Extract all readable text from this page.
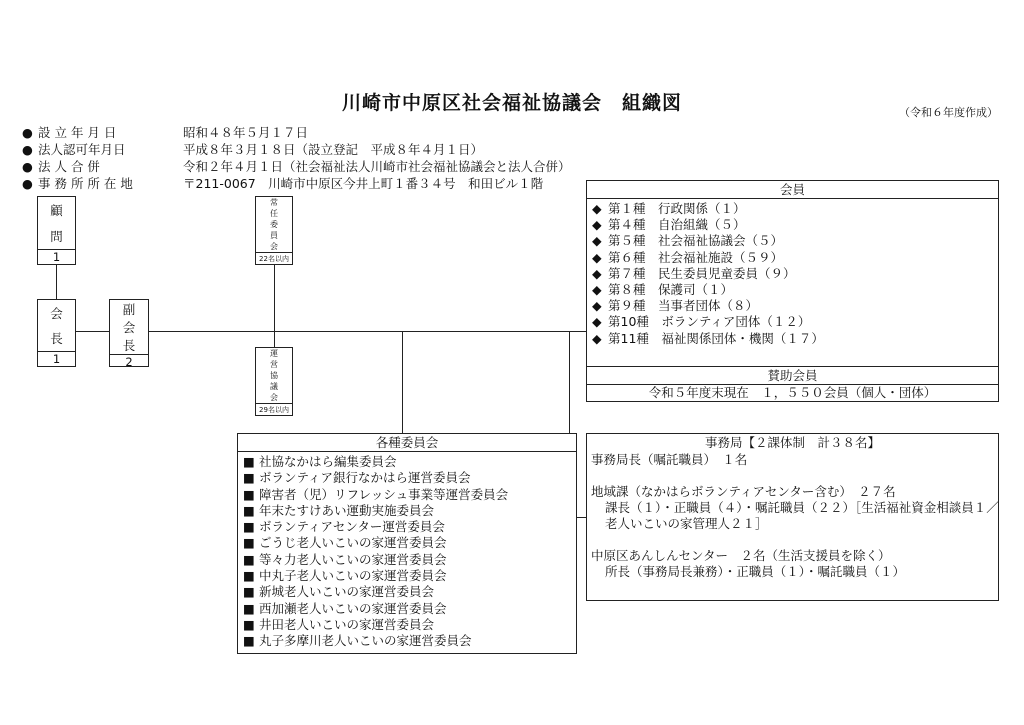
川崎市中原区社会福祉協議会　組織図	（令和６年度作成）
● 設 立 年 月 日	昭和４８年５月１７日
● 法人認可年月日	平成８年３月１８日（設立登記　平成８年４月１日）
● 法 人 合 併	令和２年４月１日（社会福祉法人川崎市社会福祉協議会と法人合併）
● 事 務 所 所 在 地	〒211-0067　川崎市中原区今井上町１番３４号　和田ビル１階
顧
問
1
会
長
1
副
会
長
2
常
任
委
員
会
22名以内
運
営
協
議
会
29名以内
会員
◆ 第１種　行政関係（１）
◆ 第４種　自治組織（５）
◆ 第５種　社会福祉協議会（５）
◆ 第６種　社会福祉施設（５９）
◆ 第７種　民生委員児童委員（９）
◆ 第８種　保護司（１）
◆ 第９種　当事者団体（８）
◆ 第10種　ボランティア団体（１２）
◆ 第11種　福祉関係団体・機関（１７）
賛助会員
令和５年度末現在　１，５５０会員（個人・団体）
各種委員会
■ 社協なかはら編集委員会
■ ボランティア銀行なかはら運営委員会
■ 障害者（児）リフレッシュ事業等運営委員会
■ 年末たすけあい運動実施委員会
■ ボランティアセンター運営委員会
■ ごうじ老人いこいの家運営委員会
■ 等々力老人いこいの家運営委員会
■ 中丸子老人いこいの家運営委員会
■ 新城老人いこいの家運営委員会
■ 西加瀬老人いこいの家運営委員会
■ 井田老人いこいの家運営委員会
■ 丸子多摩川老人いこいの家運営委員会
事務局【２課体制　計３８名】
事務局長（嘱託職員）　１名
地域課（なかはらボランティアセンター含む）　２７名
課長（１）・正職員（４）・嘱託職員（２２）［生活福祉資金相談員１／
老人いこいの家管理人２１］
中原区あんしんセンター　２名（生活支援員を除く）
所長（事務局長兼務）・正職員（１）・嘱託職員（１）
